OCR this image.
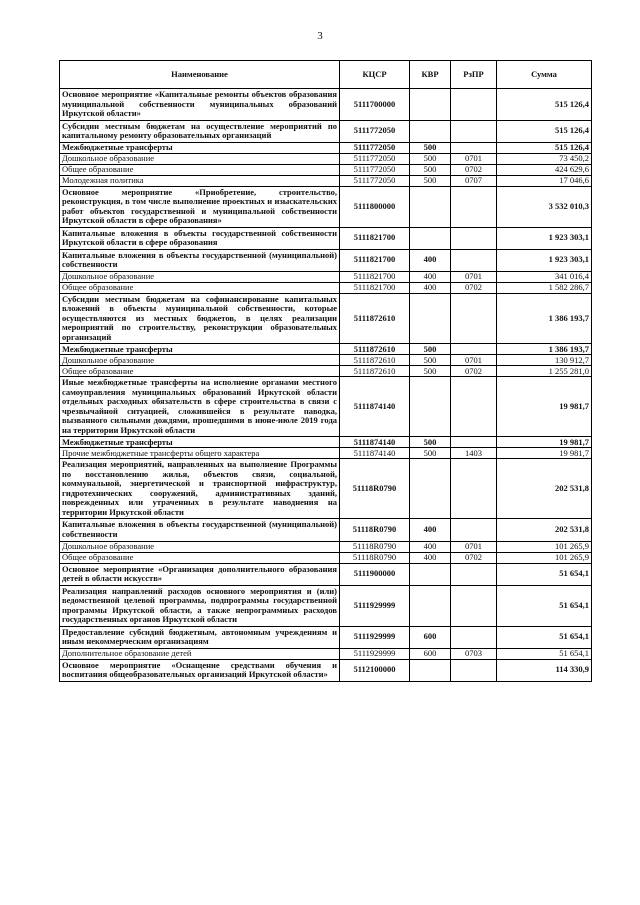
3
Наименование	КЦСР	КВР	РзПР	Сумма
Основное мероприятие «Капитальные ремонты объектов образования муниципальной собственности муниципальных образований Иркутской области»	5111700000			515 126,4
Субсидии местным бюджетам на осуществление мероприятий по капитальному ремонту образовательных организаций	5111772050			515 126,4
Межбюджетные трансферты	5111772050	500		515 126,4
Дошкольное образование	5111772050	500	0701	73 450,2
Общее образование	5111772050	500	0702	424 629,6
Молодежная политика	5111772050	500	0707	17 046,6
Основное мероприятие «Приобретение, строительство, реконструкция, в том числе выполнение проектных и изыскательских работ объектов государственной и муниципальной собственности Иркутской области в сфере образования»	5111800000			3 532 010,3
Капитальные вложения в объекты государственной собственности Иркутской области в сфере образования	5111821700			1 923 303,1
Капитальные вложения в объекты государственной (муниципальной) собственности	5111821700	400		1 923 303,1
Дошкольное образование	5111821700	400	0701	341 016,4
Общее образование	5111821700	400	0702	1 582 286,7
Субсидии местным бюджетам на софинансирование капитальных вложений в объекты муниципальной собственности, которые осуществляются из местных бюджетов, в целях реализации мероприятий по строительству, реконструкции образовательных организаций	5111872610			1 386 193,7
Межбюджетные трансферты	5111872610	500		1 386 193,7
Дошкольное образование	5111872610	500	0701	130 912,7
Общее образование	5111872610	500	0702	1 255 281,0
Иные межбюджетные трансферты на исполнение органами местного самоуправления муниципальных образований Иркутской области отдельных расходных обязательств в сфере строительства в связи с чрезвычайной ситуацией, сложившейся в результате паводка, вызванного сильными дождями, прошедшими в июне-июле 2019 года на территории Иркутской области	5111874140			19 981,7
Межбюджетные трансферты	5111874140	500		19 981,7
Прочие межбюджетные трансферты общего характера	5111874140	500	1403	19 981,7
Реализация мероприятий, направленных на выполнение Программы по восстановлению жилья, объектов связи, социальной, коммунальной, энергетической и транспортной инфраструктур, гидротехнических сооружений, административных зданий, поврежденных или утраченных в результате наводнения на территории Иркутской области	51118R0790			202 531,8
Капитальные вложения в объекты государственной (муниципальной) собственности	51118R0790	400		202 531,8
Дошкольное образование	51118R0790	400	0701	101 265,9
Общее образование	51118R0790	400	0702	101 265,9
Основное мероприятие «Организация дополнительного образования детей в области искусств»	5111900000			51 654,1
Реализация направлений расходов основного мероприятия и (или) ведомственной целевой программы, подпрограммы государственной программы Иркутской области, а также непрограммных расходов государственных органов Иркутской области	5111929999			51 654,1
Предоставление субсидий бюджетным, автономным учреждениям и иным некоммерческим организациям	5111929999	600		51 654,1
Дополнительное образование детей	5111929999	600	0703	51 654,1
Основное мероприятие «Оснащение средствами обучения и воспитания общеобразовательных организаций Иркутской области»	5112100000			114 330,9
